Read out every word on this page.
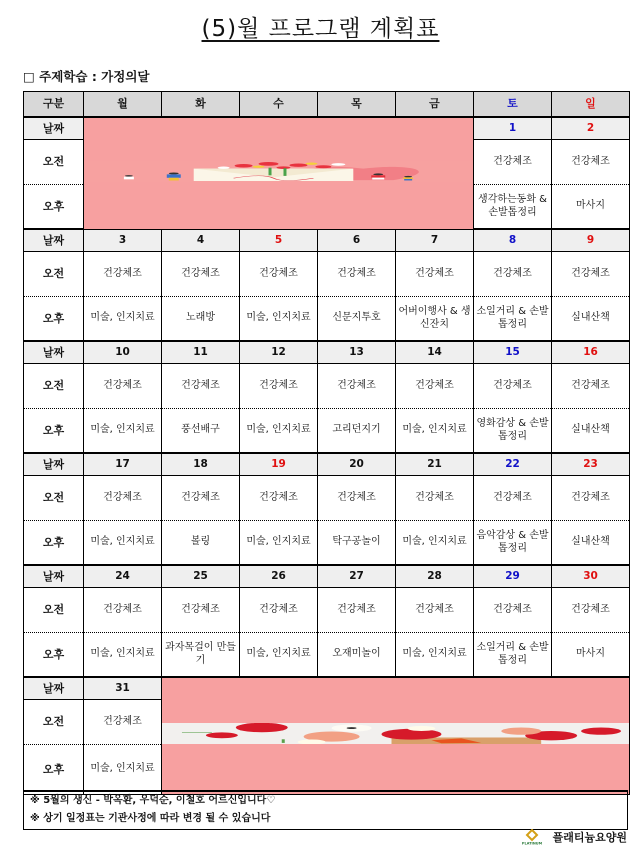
(5)월 프로그램 계획표
□ 주제학습 : 가정의달
구분	월	화	수	목	금	토	일
날짜						1	2
오전						건강체조	건강체조
오후						생각하는동화 & 손발톱정리	마사지
날짜	3	4	5	6	7	8	9
오전	건강체조	건강체조	건강체조	건강체조	건강체조	건강체조	건강체조
오후	미술, 인지치료	노래방	미술, 인지치료	신문지투호	어버이행사 & 생신잔치	소일거리 & 손발톱정리	실내산책
날짜	10	11	12	13	14	15	16
오전	건강체조	건강체조	건강체조	건강체조	건강체조	건강체조	건강체조
오후	미술, 인지치료	풍선배구	미술, 인지치료	고리던지기	미술, 인지치료	영화감상 & 손발톱정리	실내산책
날짜	17	18	19	20	21	22	23
오전	건강체조	건강체조	건강체조	건강체조	건강체조	건강체조	건강체조
오후	미술, 인지치료	볼링	미술, 인지치료	탁구공놀이	미술, 인지치료	음악감상 & 손발톱정리	실내산책
날짜	24	25	26	27	28	29	30
오전	건강체조	건강체조	건강체조	건강체조	건강체조	건강체조	건강체조
오후	미술, 인지치료	과자목걸이 만들기	미술, 인지치료	오재미놀이	미술, 인지치료	소일거리 & 손발톱정리	마사지
날짜	31	
오전	건강체조						
오후	미술, 인지치료						
※ 5월의 생신 - 박옥환, 우덕순, 이철호 어르신입니다♡
※ 상기 일정표는 기관사정에 따라 변경 될 수 있습니다
PLATINUM 플래티늄요양원
